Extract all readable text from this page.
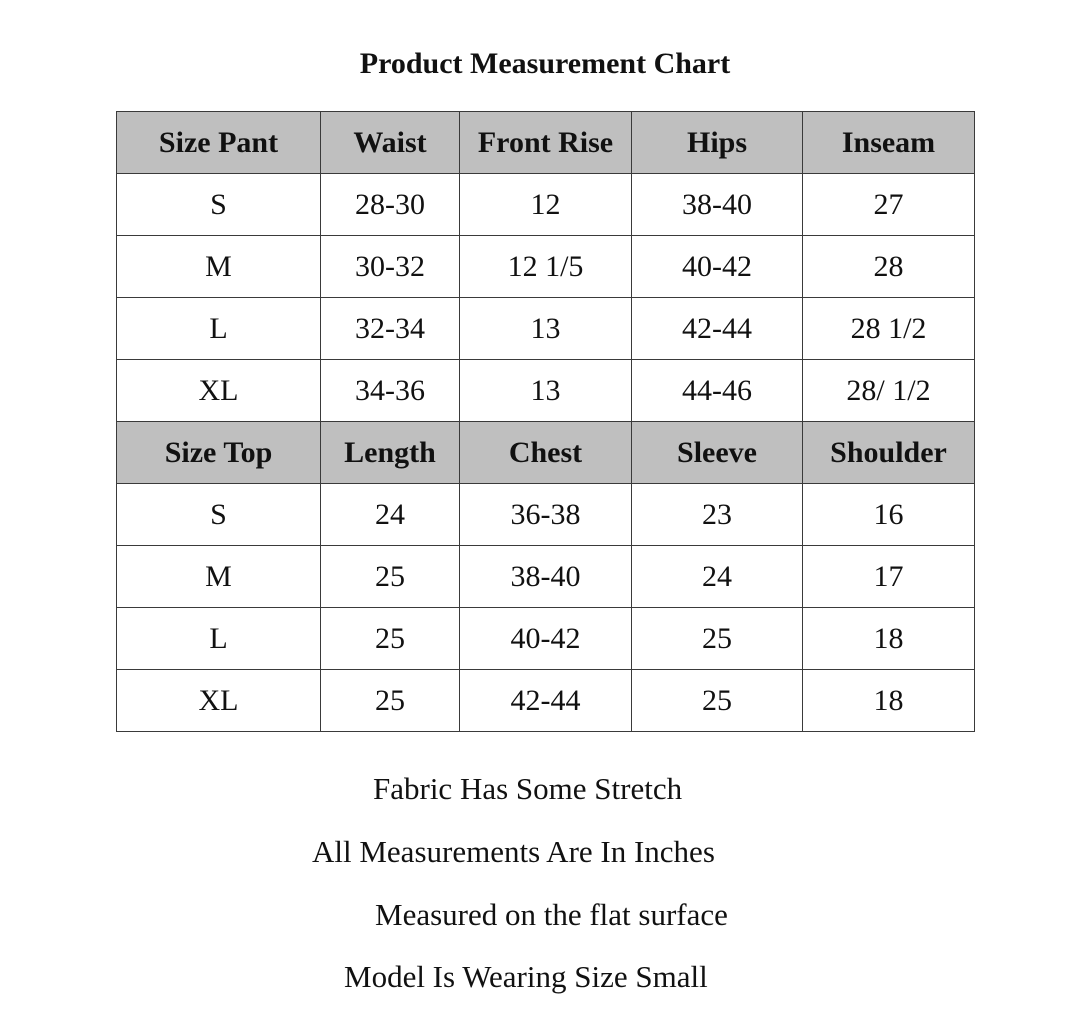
Product Measurement Chart
Size Pant	Waist	Front Rise	Hips	Inseam
S	28-30	12	38-40	27
M	30-32	12 1/5	40-42	28
L	32-34	13	42-44	28 1/2
XL	34-36	13	44-46	28/ 1/2
Size Top	Length	Chest	Sleeve	Shoulder
S	24	36-38	23	16
M	25	38-40	24	17
L	25	40-42	25	18
XL	25	42-44	25	18

Fabric Has Some Stretch

All Measurements Are In Inches

Measured on the flat surface

Model Is Wearing Size Small
